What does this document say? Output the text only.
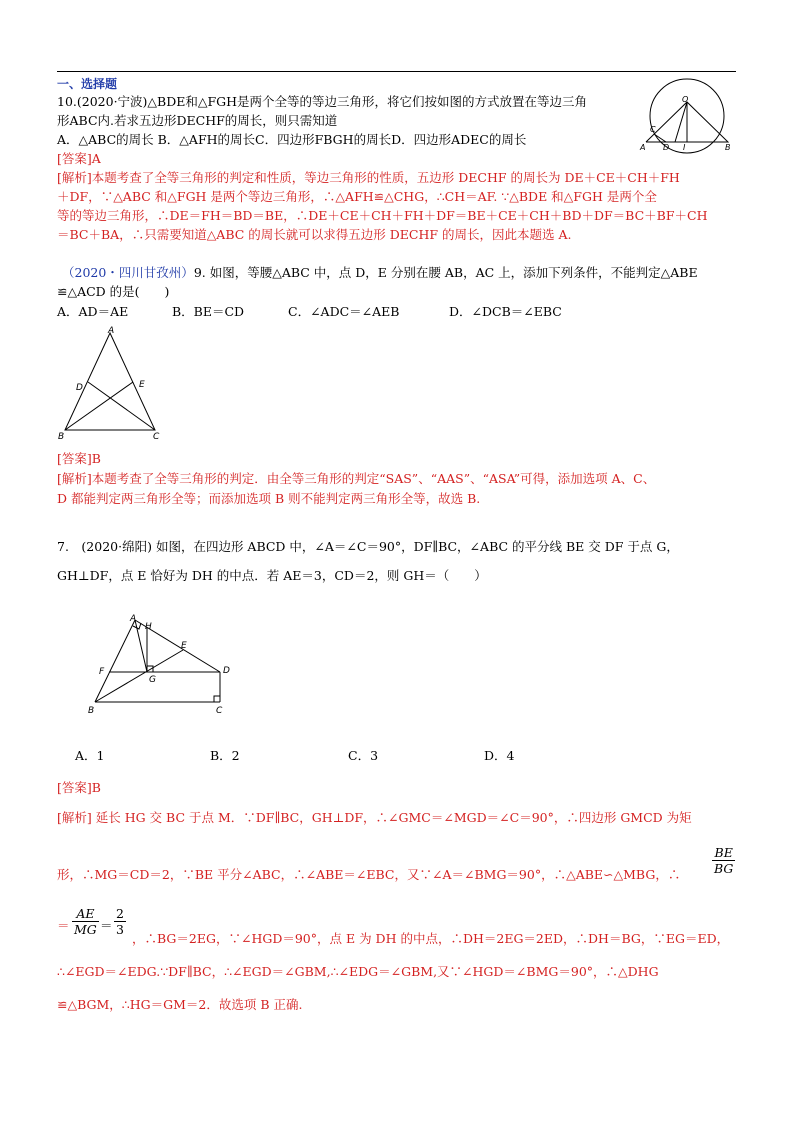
一、选择题
10.(2020·宁波)△BDE和△FGH是两个全等的等边三角形，将它们按如图的方式放置在等边三角
形ABC内.若求五边形DECHF的周长，则只需知道
A．△ABC的周长 B．△AFH的周长C．四边形FBGH的周长D．四边形ADEC的周长
[答案]A
[解析]本题考查了全等三角形的判定和性质，等边三角形的性质，五边形 DECHF 的周长为 DE＋CE＋CH＋FH
＋DF，∵△ABC 和△FGH 是两个等边三角形，∴△AFH≌△CHG，∴CH＝AF. ∵△BDE 和△FGH 是两个全
等的等边三角形，∴DE＝FH＝BD＝BE，∴DE＋CE＋CH＋FH＋DF＝BE＋CE＋CH＋BD＋DF＝BC＋BF＋CH
＝BC＋BA，∴只需要知道△ABC 的周长就可以求得五边形 DECHF 的周长，因此本题选 A.
O
C
A D I	B
（2020・四川甘孜州）9. 如图，等腰△ABC 中，点 D，E 分别在腰 AB，AC 上，添加下列条件，不能判定△ABE
≌△ACD 的是(　　)
A．AD＝AE	B．BE＝CD	C．∠ADC＝∠AEB	D．∠DCB＝∠EBC
A
D	E
B	C
[答案]B
[解析]本题考查了全等三角形的判定．由全等三角形的判定“SAS”、“AAS”、“ASA”可得，添加选项 A、C、
D 都能判定两三角形全等；而添加选项 B 则不能判定两三角形全等，故选 B.
7.　(2020·绵阳) 如图，在四边形 ABCD 中，∠A＝∠C＝90°，DF∥BC，∠ABC 的平分线 BE 交 DF 于点 G，
GH⊥DF，点 E 恰好为 DH 的中点．若 AE＝3，CD＝2，则 GH＝（　　）
A
H
E
D
F
G
B	C
A．1	B．2	C．3	D．4
[答案]B
[解析] 延长 HG 交 BC 于点 M．∵DF∥BC，GH⊥DF，∴∠GMC＝∠MGD＝∠C＝90°，∴四边形 GMCD 为矩
形，∴MG＝CD＝2，∵BE 平分∠ABC，∴∠ABE＝∠EBC，又∵∠A＝∠BMG＝90°，∴△ABE∽△MBG，∴	$\frac{BE}{BG}$
＝ $\frac{AE}{MG} = \frac{2}{3}$
，∴BG＝2EG，∵∠HGD＝90°，点 E 为 DH 的中点，∴DH＝2EG＝2ED，∴DH＝BG，∵EG＝ED，
∴∠EGD＝∠EDG.∵DF∥BC，∴∠EGD＝∠GBM,∴∠EDG＝∠GBM,又∵∠HGD＝∠BMG＝90°，∴△DHG
≌△BGM，∴HG＝GM＝2．故选项 B 正确.
